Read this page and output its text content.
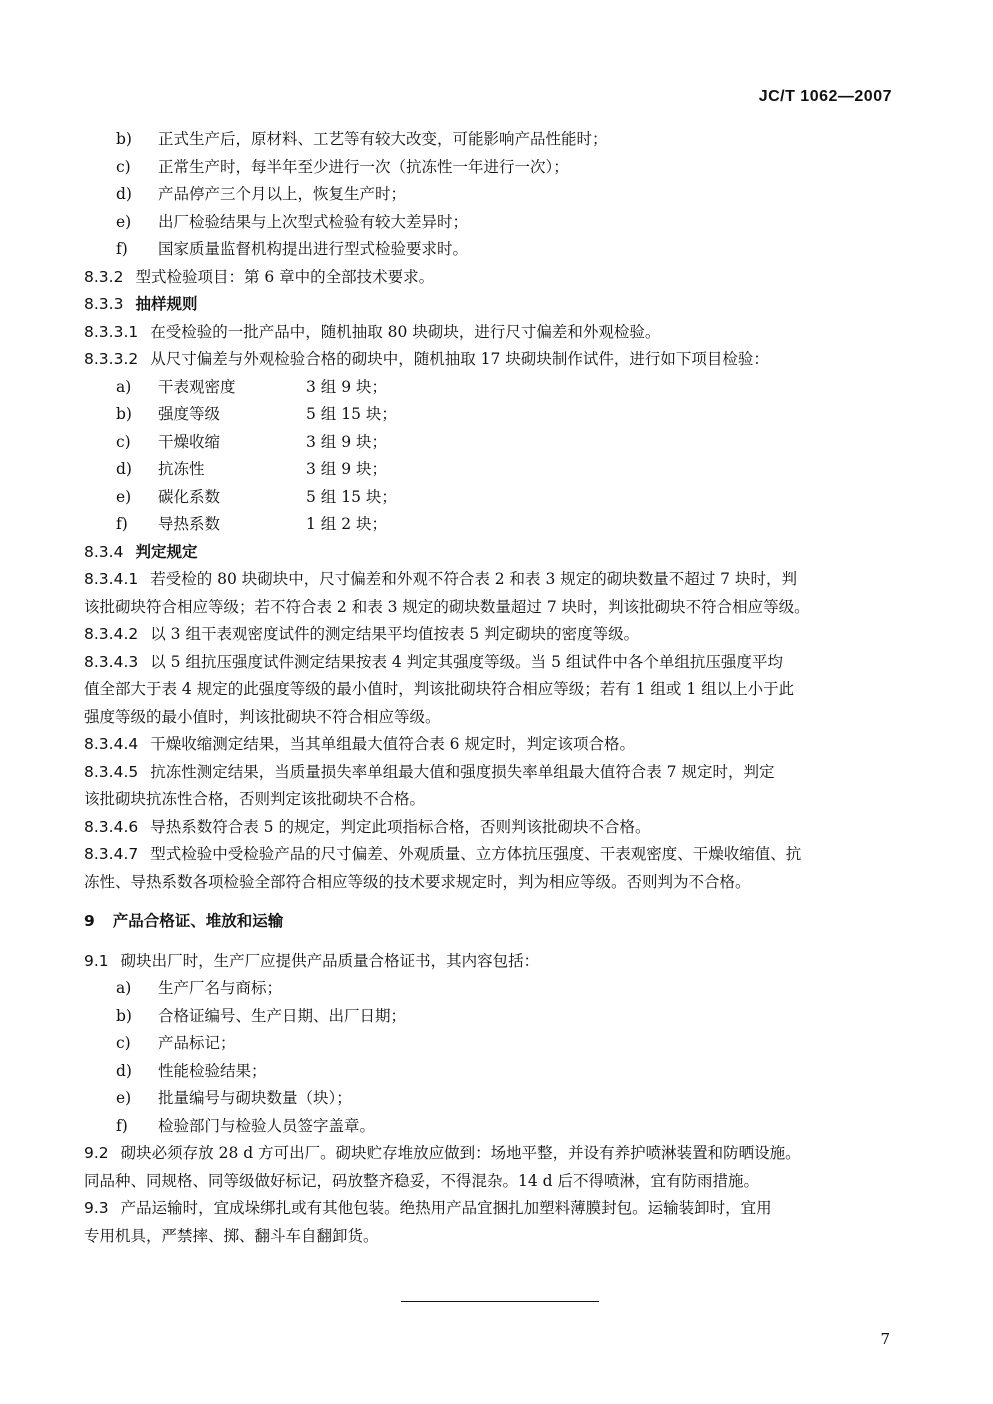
JC/T 1062—2007
b) 正式生产后，原材料、工艺等有较大改变，可能影响产品性能时；
c) 正常生产时，每半年至少进行一次（抗冻性一年进行一次）；
d) 产品停产三个月以上，恢复生产时；
e) 出厂检验结果与上次型式检验有较大差异时；
f) 国家质量监督机构提出进行型式检验要求时。
8.3.2 型式检验项目：第 6 章中的全部技术要求。
8.3.3 抽样规则
8.3.3.1 在受检验的一批产品中，随机抽取 80 块砌块，进行尺寸偏差和外观检验。
8.3.3.2 从尺寸偏差与外观检验合格的砌块中，随机抽取 17 块砌块制作试件，进行如下项目检验：
a) 干表观密度	3 组 9 块；
b) 强度等级	5 组 15 块；
c) 干燥收缩	3 组 9 块；
d) 抗冻性	3 组 9 块；
e) 碳化系数	5 组 15 块；
f) 导热系数	1 组 2 块；
8.3.4 判定规定
8.3.4.1 若受检的 80 块砌块中，尺寸偏差和外观不符合表 2 和表 3 规定的砌块数量不超过 7 块时，判
该批砌块符合相应等级；若不符合表 2 和表 3 规定的砌块数量超过 7 块时，判该批砌块不符合相应等级。
8.3.4.2 以 3 组干表观密度试件的测定结果平均值按表 5 判定砌块的密度等级。
8.3.4.3 以 5 组抗压强度试件测定结果按表 4 判定其强度等级。当 5 组试件中各个单组抗压强度平均
值全部大于表 4 规定的此强度等级的最小值时，判该批砌块符合相应等级；若有 1 组或 1 组以上小于此
强度等级的最小值时，判该批砌块不符合相应等级。
8.3.4.4 干燥收缩测定结果，当其单组最大值符合表 6 规定时，判定该项合格。
8.3.4.5 抗冻性测定结果，当质量损失率单组最大值和强度损失率单组最大值符合表 7 规定时，判定
该批砌块抗冻性合格，否则判定该批砌块不合格。
8.3.4.6 导热系数符合表 5 的规定，判定此项指标合格，否则判该批砌块不合格。
8.3.4.7 型式检验中受检验产品的尺寸偏差、外观质量、立方体抗压强度、干表观密度、干燥收缩值、抗
冻性、导热系数各项检验全部符合相应等级的技术要求规定时，判为相应等级。否则判为不合格。
9 产品合格证、堆放和运输
9.1 砌块出厂时，生产厂应提供产品质量合格证书，其内容包括：
a) 生产厂名与商标；
b) 合格证编号、生产日期、出厂日期；
c) 产品标记；
d) 性能检验结果；
e) 批量编号与砌块数量（块）；
f) 检验部门与检验人员签字盖章。
9.2 砌块必须存放 28 d 方可出厂。砌块贮存堆放应做到：场地平整，并设有养护喷淋装置和防晒设施。
同品种、同规格、同等级做好标记，码放整齐稳妥，不得混杂。14 d 后不得喷淋，宜有防雨措施。
9.3 产品运输时，宜成垛绑扎或有其他包装。绝热用产品宜捆扎加塑料薄膜封包。运输装卸时，宜用
专用机具，严禁摔、掷、翻斗车自翻卸货。
7
